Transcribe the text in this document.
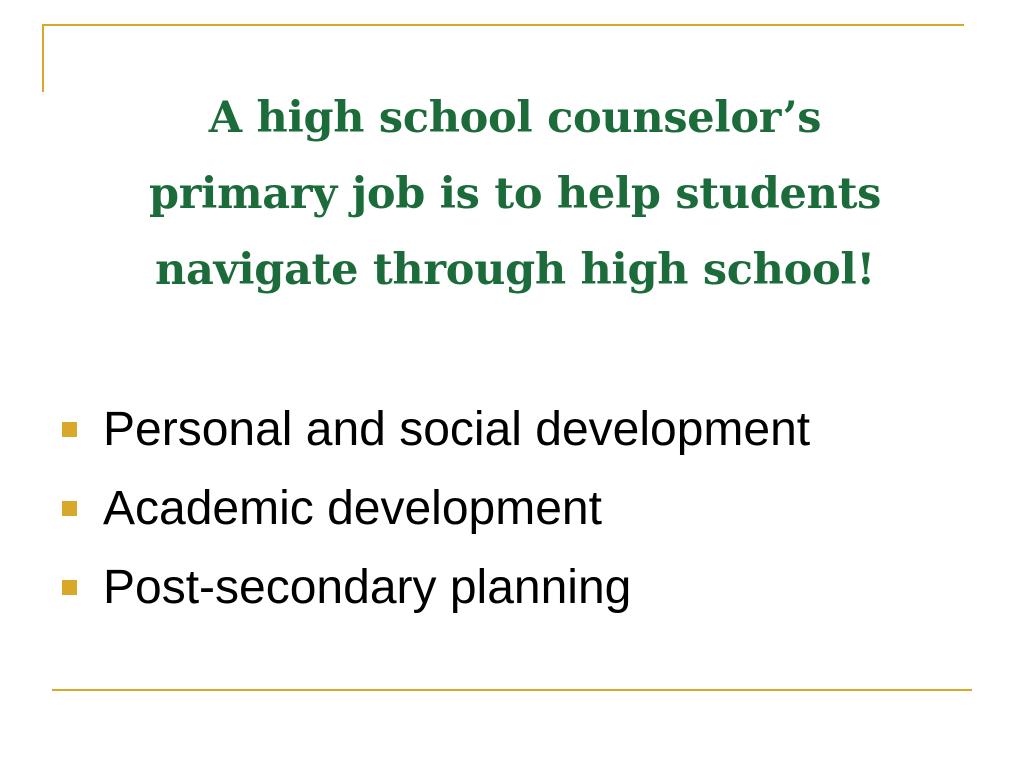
A high school counselor’s
primary job is to help students
navigate through high school!
Personal and social development
Academic development
Post-secondary planning
